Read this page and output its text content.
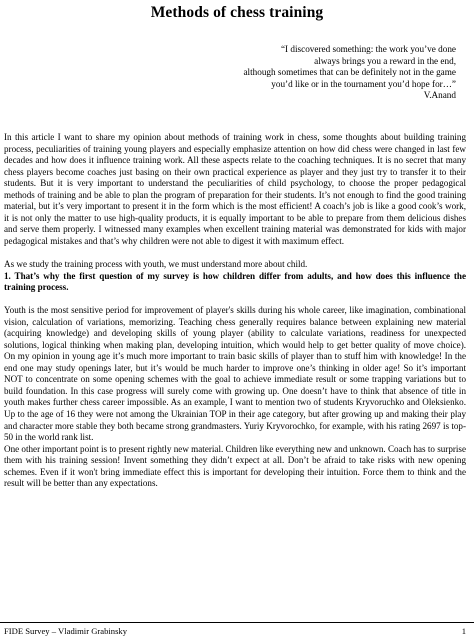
Methods of chess training
“I discovered something: the work you’ve done
always brings you a reward in the end,
although sometimes that can be definitely not in the game
you’d like or in the tournament you’d hope for…”
V.Anand

In this article I want to share my opinion about methods of training work in chess, some thoughts about building training process, peculiarities of training young players and especially emphasize attention on how did chess were changed in last few decades and how does it influence training work. All these aspects relate to the coaching techniques. It is no secret that many chess players become coaches just basing on their own practical experience as player and they just try to transfer it to their students. But it is very important to understand the peculiarities of child psychology, to choose the proper pedagogical methods of training and be able to plan the program of preparation for their students. It’s not enough to find the good training material, but it’s very important to present it in the form which is the most efficient! A coach’s job is like a good cook’s work, it is not only the matter to use high-quality products, it is equally important to be able to prepare from them delicious dishes and serve them properly. I witnessed many examples when excellent training material was demonstrated for kids with major pedagogical mistakes and that’s why children were not able to digest it with maximum effect.

As we study the training process with youth, we must understand more about child.
1. That’s why the first question of my survey is how children differ from adults, and how does this influence the training process.

Youth is the most sensitive period for improvement of player's skills during his whole career, like imagination, combinational vision, calculation of variations, memorizing. Teaching chess generally requires balance between explaining new material (acquiring knowledge) and developing skills of young player (ability to calculate variations, readiness for unexpected solutions, logical thinking when making plan, developing intuition, which would help to get better quality of move choice). On my opinion in young age it’s much more important to train basic skills of player than to stuff him with knowledge! In the end one may study openings later, but it’s would be much harder to improve one’s thinking in older age! So it’s important NOT to concentrate on some opening schemes with the goal to achieve immediate result or some trapping variations but to build foundation. In this case progress will surely come with growing up. One doesn’t have to think that absence of title in youth makes further chess career impossible. As an example, I want to mention two of students Kryvoruchko and Oleksienko. Up to the age of 16 they were not among the Ukrainian TOP in their age category, but after growing up and making their play and character more stable they both became strong grandmasters. Yuriy Kryvorochko, for example, with his rating 2697 is top-50 in the world rank list.

One other important point is to present rightly new material. Children like everything new and unknown. Coach has to surprise them with his training session! Invent something they didn’t expect at all. Don’t be afraid to take risks with new opening schemes. Even if it won't bring immediate effect this is important for developing their intuition. Force them to think and the result will be better than any expectations.

FIDE Survey – Vladimir Grabinsky	1
